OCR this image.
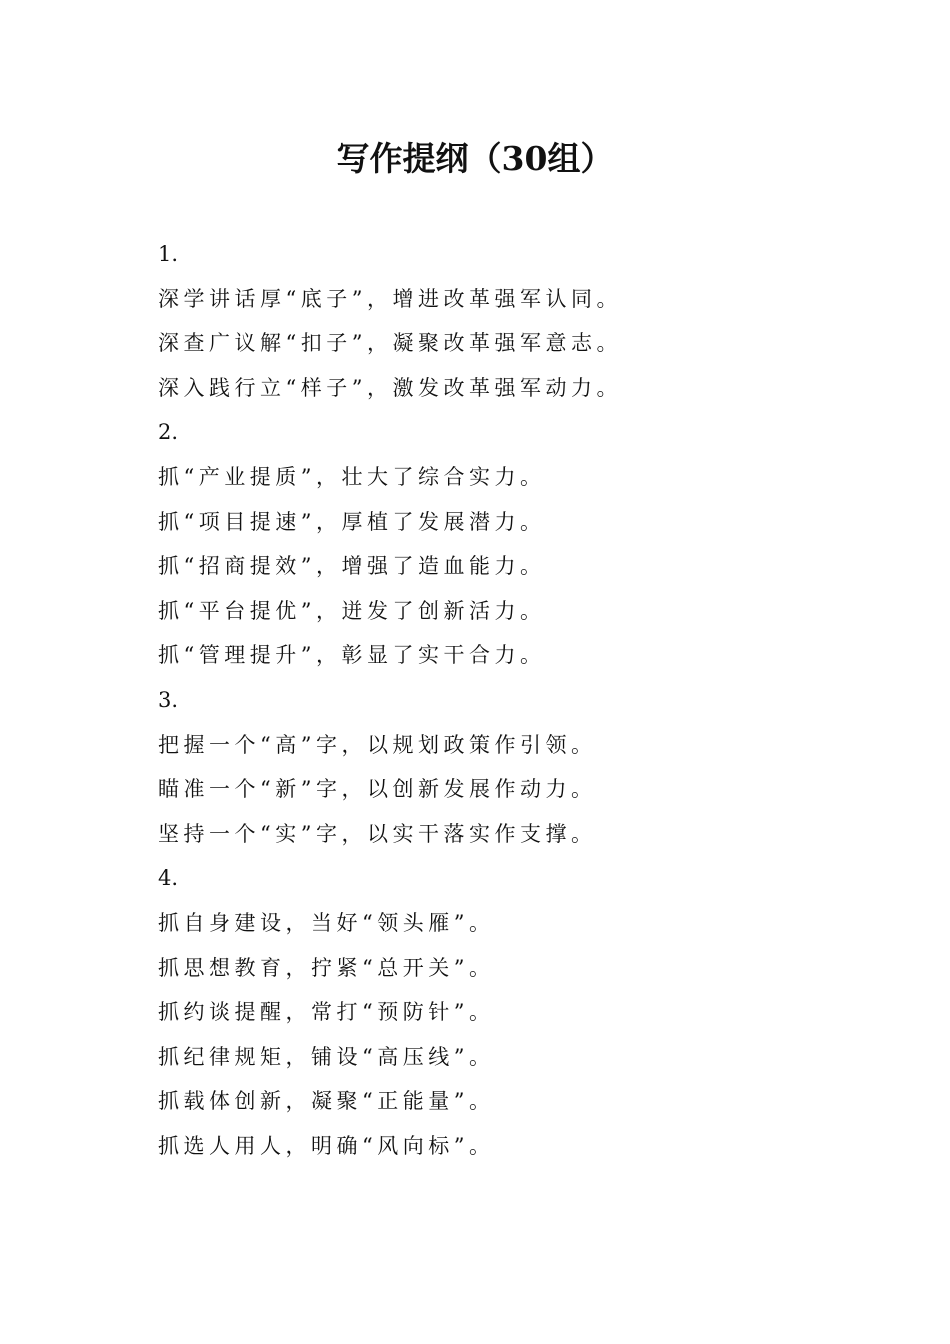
写作提纲（30组）

1.

深学讲话厚“底子”，增进改革强军认同。

深查广议解“扣子”，凝聚改革强军意志。

深入践行立“样子”，激发改革强军动力。

2.

抓“产业提质”，壮大了综合实力。

抓“项目提速”，厚植了发展潜力。

抓“招商提效”，增强了造血能力。

抓“平台提优”，迸发了创新活力。

抓“管理提升”，彰显了实干合力。

3.

把握一个“高”字，以规划政策作引领。

瞄准一个“新”字，以创新发展作动力。

坚持一个“实”字，以实干落实作支撑。

4.

抓自身建设，当好“领头雁”。

抓思想教育，拧紧“总开关”。

抓约谈提醒，常打“预防针”。

抓纪律规矩，铺设“高压线”。

抓载体创新，凝聚“正能量”。

抓选人用人，明确“风向标”。
